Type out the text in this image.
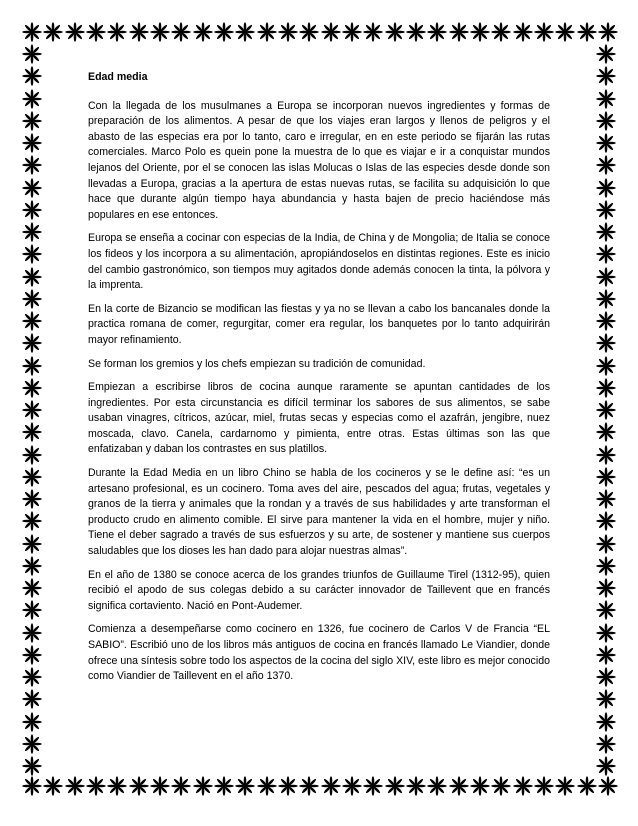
Edad media

Con la llegada de los musulmanes a Europa se incorporan nuevos ingredientes y formas de preparación de los alimentos. A pesar de que los viajes eran largos y llenos de peligros y el abasto de las especias era por lo tanto, caro e irregular, en en este periodo se fijarán las rutas comerciales. Marco Polo es quein pone la muestra de lo que es viajar e ir a conquistar mundos lejanos del Oriente, por el se conocen las islas Molucas o Islas de las especies desde donde son llevadas a Europa, gracias a la apertura de estas nuevas rutas, se facilita su adquisición lo que hace que durante algún tiempo haya abundancia y hasta bajen de precio haciéndose más populares en ese entonces.

Europa se enseña a cocinar con especias de la India, de China y de Mongolia; de Italia se conoce los fideos y los incorpora a su alimentación, apropiándoselos en distintas regiones. Este es inicio del cambio gastronómico, son tiempos muy agitados donde además conocen la tinta, la pólvora y la imprenta.

En la corte de Bizancio se modifican las fiestas y ya no se llevan a cabo los bancanales donde la practica romana de comer, regurgitar, comer era regular, los banquetes por lo tanto adquirirán mayor refinamiento.

Se forman los gremios y los chefs empiezan su tradición de comunidad.

Empiezan a escribirse libros de cocina aunque raramente se apuntan cantidades de los ingredientes. Por esta circunstancia es difícil terminar los sabores de sus alimentos, se sabe usaban vinagres, cítricos, azúcar, miel, frutas secas y especias como el azafrán, jengibre, nuez moscada, clavo. Canela, cardarnomo y pimienta, entre otras. Estas últimas son las que enfatizaban y daban los contrastes en sus platillos.

Durante la Edad Media en un libro Chino se habla de los cocineros y se le define así: “es un artesano profesional, es un cocinero. Toma aves del aire, pescados del agua; frutas, vegetales y granos de la tierra y animales que la rondan y a través de sus habilidades y arte transforman el producto crudo en alimento comible. El sirve para mantener la vida en el hombre, mujer y niño. Tiene el deber sagrado a través de sus esfuerzos y su arte, de sostener y mantiene sus cuerpos saludables que los dioses les han dado para alojar nuestras almas”.

En el año de 1380 se conoce acerca de los grandes triunfos de Guillaume Tirel (1312-95), quien recibió el apodo de sus colegas debido a su carácter innovador de Taillevent que en francés significa cortaviento. Nació en Pont-Audemer.

Comienza a desempeñarse como cocinero en 1326, fue cocinero de Carlos V de Francia “EL SABIO”. Escribió uno de los libros más antiguos de cocina en francés llamado Le Viandier, donde ofrece una síntesis sobre todo los aspectos de la cocina del siglo XIV, este libro es mejor conocido como Viandier de Taillevent en el año 1370.
